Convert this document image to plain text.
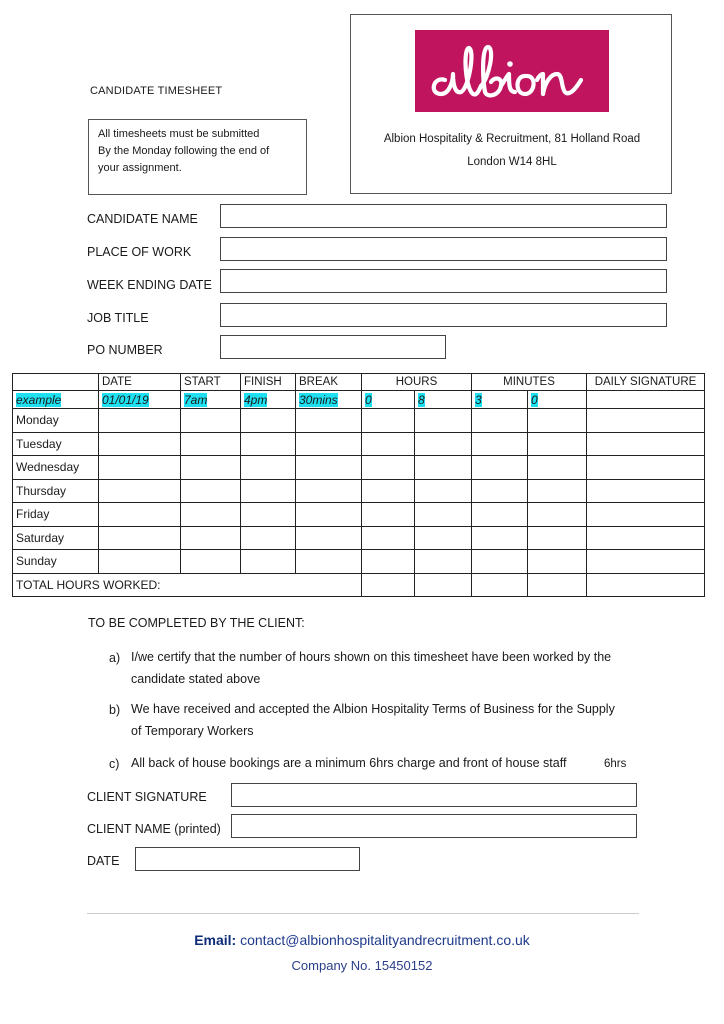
CANDIDATE TIMESHEET
All timesheets must be submitted
By the Monday following the end of
your assignment.
Albion Hospitality & Recruitment, 81 Holland Road
London W14 8HL
CANDIDATE NAME
PLACE OF WORK
WEEK ENDING DATE
JOB TITLE
PO NUMBER
	DATE	START	FINISH	BREAK	HOURS		MINUTES		DAILY SIGNATURE
example	01/01/19	7am	4pm	30mins	0	8	3	0	
Monday									
Tuesday									
Wednesday									
Thursday									
Friday									
Saturday									
Sunday									
TOTAL HOURS WORKED:									
TO BE COMPLETED BY THE CLIENT:
a) I/we certify that the number of hours shown on this timesheet have been worked by the candidate stated above
b) We have received and accepted the Albion Hospitality Terms of Business for the Supply of Temporary Workers
c) All back of house bookings are a minimum 6hrs charge and front of house staff	6hrs
CLIENT SIGNATURE
CLIENT NAME (printed)
DATE
Email: contact@albionhospitalityandrecruitment.co.uk
Company No. 15450152
